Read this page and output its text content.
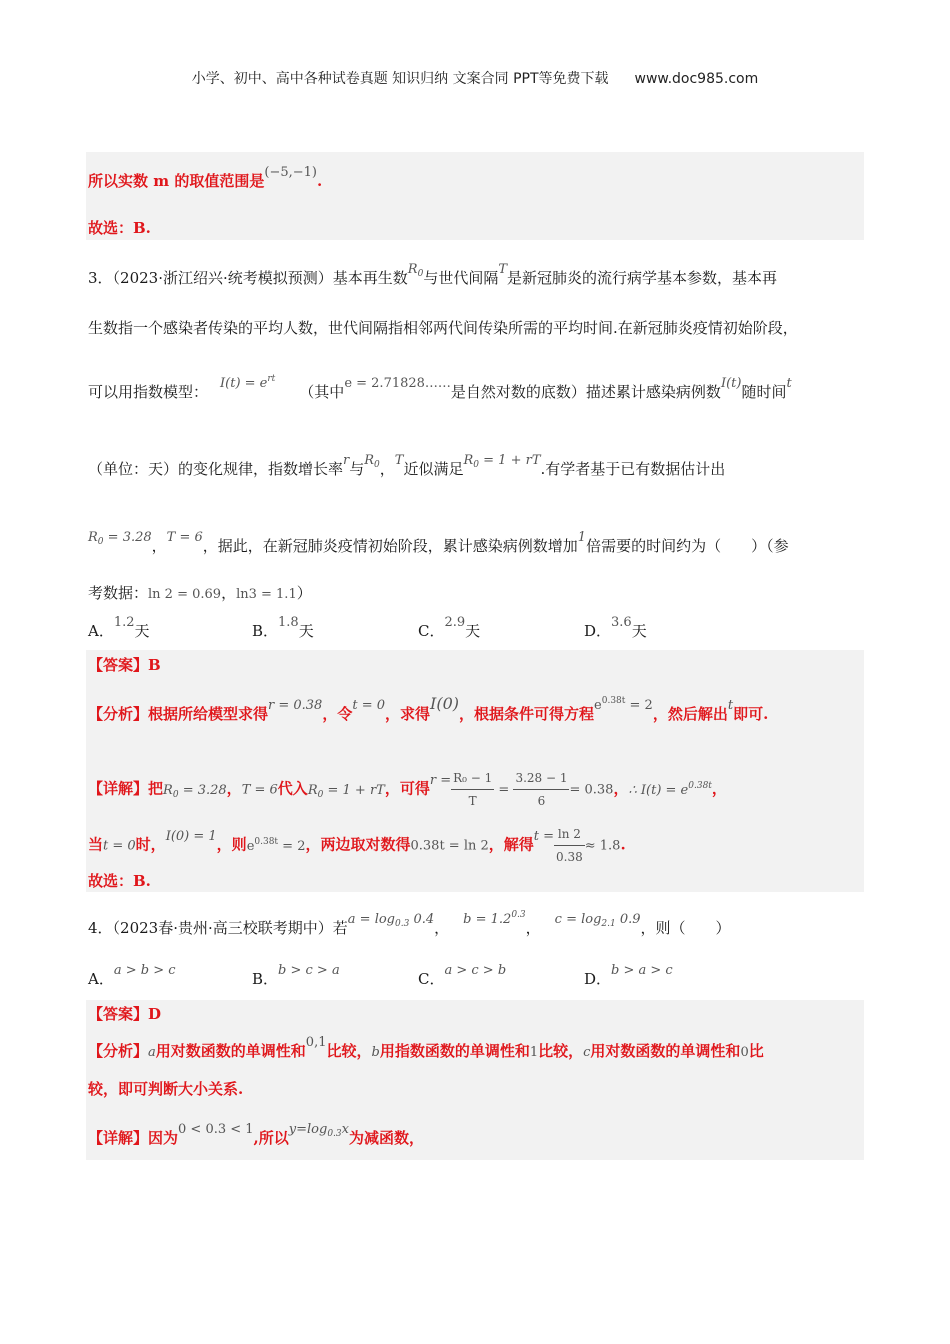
小学、初中、高中各种试卷真题 知识归纳 文案合同 PPT等免费下载 www.doc985.com
所以实数 m 的取值范围是(−5,−1).
故选：B.
3．（2023·浙江绍兴·统考模拟预测）基本再生数$R_0$与世代间隔T是新冠肺炎的流行病学基本参数，基本再
生数指一个感染者传染的平均人数，世代间隔指相邻两代间传染所需的平均时间.在新冠肺炎疫情初始阶段，
可以用指数模型： $I(t) = e^{rt}$（其中e = 2.71828……是自然对数的底数）描述累计感染病例数I(t)随时间t
（单位：天）的变化规律，指数增长率r与$R_0$，T近似满足$R_0 = 1$ + rT.有学者基于已有数据估计出
$R_0 = 3.28$，T = 6，据此，在新冠肺炎疫情初始阶段，累计感染病例数增加1倍需要的时间约为（　　）（参
考数据：ln 2 = 0.69，ln3 = 1.1）
A．1.2天	B．1.8天	C．2.9天	D．3.6天
【答案】B
【分析】根据所给模型求得r = 0.38，令t = 0，求得I(0)，根据条件可得方程$e^{0.38t} = 2$，然后解出t即可.
【详解】把$R_0 = 3.28$，T = 6代入$R_0 = 1$ + rT，可得$r = \frac{\text{R₀ − 1}}{T} = \frac{3.28 - 1}{6} = 0.38$，∴ $I(t) = e^{0.38t}$，
当t = 0时，I(0) = 1，则$e^{0.38t} = 2$，两边取对数得0.38t = ln 2，解得$t = \frac{\ln 2}{0.38} \approx 1.8$.
故选：B.
4．（2023春·贵州·高三校联考期中）若$a = \log_{0.3} 0.4$， $b = 1.2^{0.3}$， $c = \log_{2.1} 0.9$，则（　　）
A．a > b > c	B．b > c > a	C．a > c > b	D．b > a > c
【答案】D
【分析】a用对数函数的单调性和0,1比较，b用指数函数的单调性和1比较，c用对数函数的单调性和0比
较，即可判断大小关系.
【详解】因为0 < 0.3 < 1,所以$y=\log_{0.3}x$为减函数，
